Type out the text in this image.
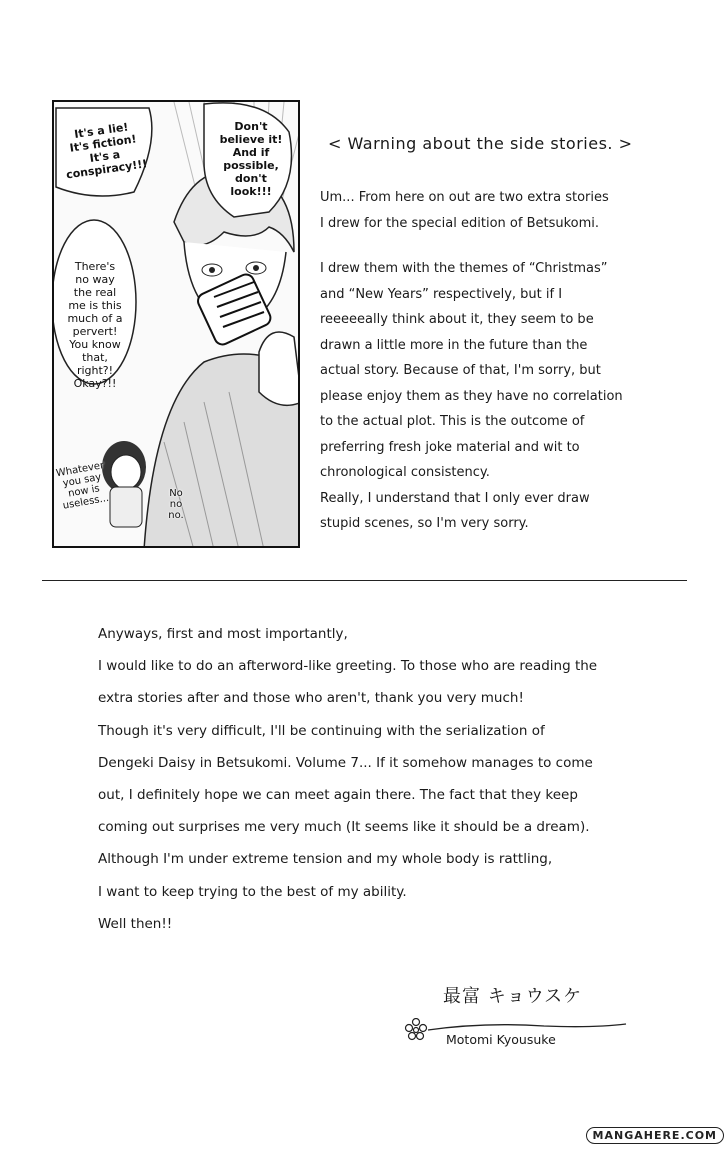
It's a lie!
It's fiction!
It's a
conspiracy!!!
Don't
believe it!
And if
possible,
don't
look!!!
There's
no way
the real
me is this
much of a
pervert!
You know
that,
right?!
Okay?!!
Whatever
you say
now is
useless...	No
no
no.
< Warning about the side stories. >

Um... From here on out are two extra stories

I drew for the special edition of Betsukomi.

I drew them with the themes of “Christmas”

and “New Years” respectively, but if I

reeeeeally think about it, they seem to be

drawn a little more in the future than the

actual story. Because of that, I'm sorry, but

please enjoy them as they have no correlation

to the actual plot. This is the outcome of

preferring fresh joke material and wit to

chronological consistency.

Really, I understand that I only ever draw

stupid scenes, so I'm very sorry.

Anyways, first and most importantly,

I would like to do an afterword-like greeting. To those who are reading the

extra stories after and those who aren't, thank you very much!

Though it's very difficult, I'll be continuing with the serialization of

Dengeki Daisy in Betsukomi. Volume 7... If it somehow manages to come

out, I definitely hope we can meet again there. The fact that they keep

coming out surprises me very much (It seems like it should be a dream).

Although I'm under extreme tension and my whole body is rattling,

I want to keep trying to the best of my ability.

Well then!!

最富 キョウスケ
Motomi Kyousuke
MANGAHERE.COM
